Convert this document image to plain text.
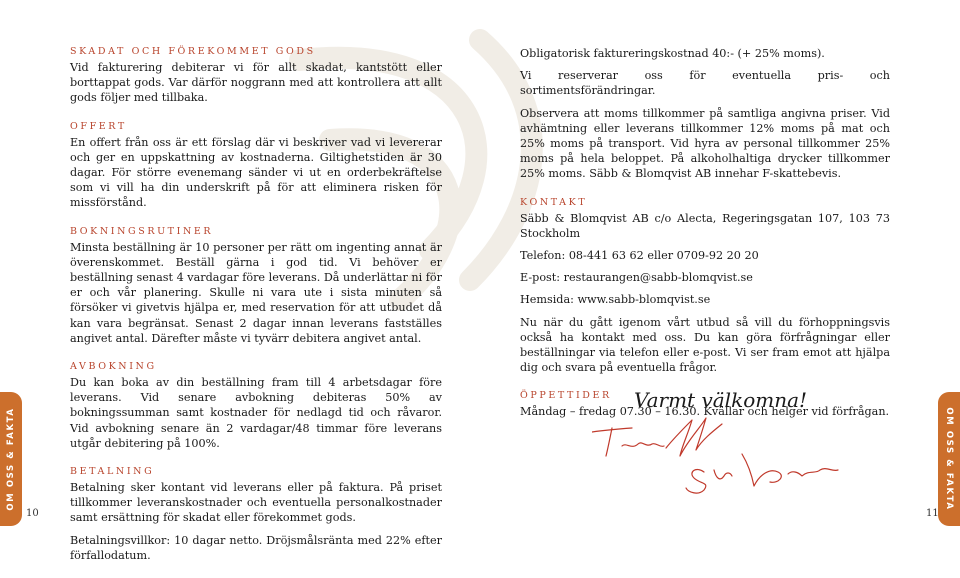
SKADAT OCH FÖREKOMMET GODS

Vid fakturering debiterar vi för allt skadat, kantstött eller borttappat gods. Var därför noggrann med att kontrollera att allt gods följer med tillbaka.

OFFERT

En offert från oss är ett förslag där vi beskriver vad vi levererar och ger en uppskattning av kostnaderna. Giltighetstiden är 30 dagar. För större evenemang sänder vi ut en orderbekräftelse som vi vill ha din underskrift på för att eliminera risken för missförstånd.

BOKNINGSRUTINER

Minsta beställning är 10 personer per rätt om ingenting annat är överenskommet. Beställ gärna i god tid. Vi behöver er beställning senast 4 vardagar före leverans. Då underlättar ni för er och vår planering. Skulle ni vara ute i sista minuten så försöker vi givetvis hjälpa er, med reservation för att utbudet då kan vara begränsat. Senast 2 dagar innan leverans fastställes angivet antal. Därefter måste vi tyvärr debitera angivet antal.

AVBOKNING

Du kan boka av din beställning fram till 4 arbetsdagar före leverans. Vid senare avbokning debiteras 50% av bokningssumman samt kostnader för nedlagd tid och råvaror. Vid avbokning senare än 2 vardagar/48 timmar före leverans utgår debitering på 100%.

BETALNING

Betalning sker kontant vid leverans eller på faktura. På priset tillkommer leveranskostnader och eventuella personalkostnader samt ersättning för skadat eller förekommet gods.

Betalningsvillkor: 10 dagar netto. Dröjsmålsränta med 22% efter förfallodatum.

Obligatorisk faktureringskostnad 40:- (+ 25% moms).

Vi reserverar oss för eventuella pris- och sortimentsförändringar.

Observera att moms tillkommer på samtliga angivna priser. Vid avhämtning eller leverans tillkommer 12% moms på mat och 25% moms på transport. Vid hyra av personal tillkommer 25% moms på hela beloppet. På alkoholhaltiga drycker tillkommer 25% moms. Säbb & Blomqvist AB innehar F-skattebevis.

KONTAKT

Säbb & Blomqvist AB c/o Alecta, Regeringsgatan 107, 103 73 Stockholm

Telefon: 08-441 63 62 eller 0709-92 20 20

E-post: restaurangen@sabb-blomqvist.se

Hemsida: www.sabb-blomqvist.se

Nu när du gått igenom vårt utbud så vill du förhoppningsvis också ha kontakt med oss. Du kan göra förfrågningar eller beställningar via telefon eller e-post. Vi ser fram emot att hjälpa dig och svara på eventuella frågor.

ÖPPETTIDER

Måndag – fredag 07.30 – 16.30. Kvällar och helger vid förfrågan.

Varmt välkomna!
OM OSS & FAKTA	OM OSS & FAKTA
10	11
